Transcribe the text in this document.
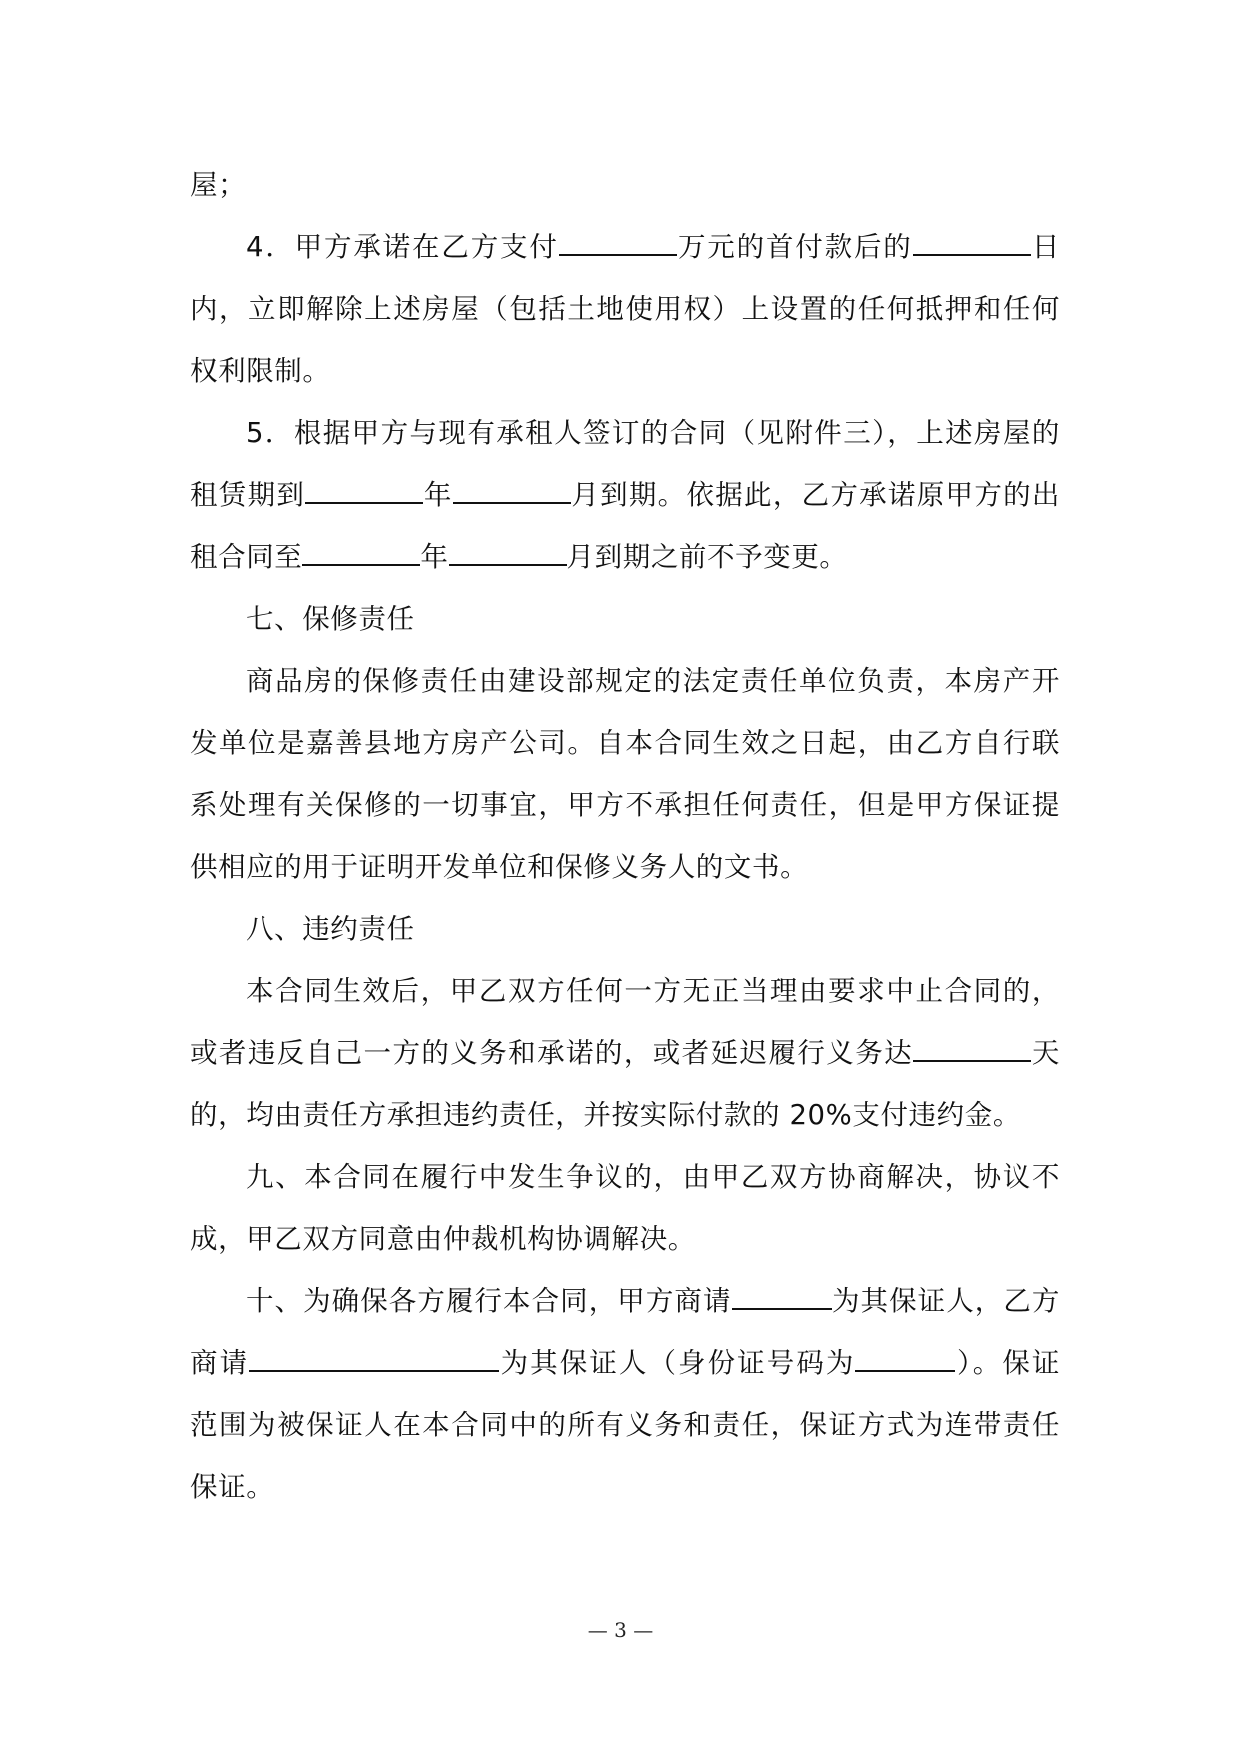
屋；

4．甲方承诺在乙方支付	万元的首付款后的	日内，立即解除上述房屋（包括土地使用权）上设置的任何抵押和任何权利限制。

5．根据甲方与现有承租人签订的合同（见附件三），上述房屋的租赁期到	年	月到期。依据此，乙方承诺原甲方的出租合同至	年	月到期之前不予变更。

七、保修责任

商品房的保修责任由建设部规定的法定责任单位负责，本房产开发单位是嘉善县地方房产公司。自本合同生效之日起，由乙方自行联系处理有关保修的一切事宜，甲方不承担任何责任，但是甲方保证提供相应的用于证明开发单位和保修义务人的文书。

八、违约责任

本合同生效后，甲乙双方任何一方无正当理由要求中止合同的，或者违反自己一方的义务和承诺的，或者延迟履行义务达	天的，均由责任方承担违约责任，并按实际付款的 20%支付违约金。

九、本合同在履行中发生争议的，由甲乙双方协商解决，协议不成，甲乙双方同意由仲裁机构协调解决。

十、为确保各方履行本合同，甲方商请	为其保证人，乙方商请	为其保证人（身份证号码为	）。保证范围为被保证人在本合同中的所有义务和责任，保证方式为连带责任保证。

— 3 —
